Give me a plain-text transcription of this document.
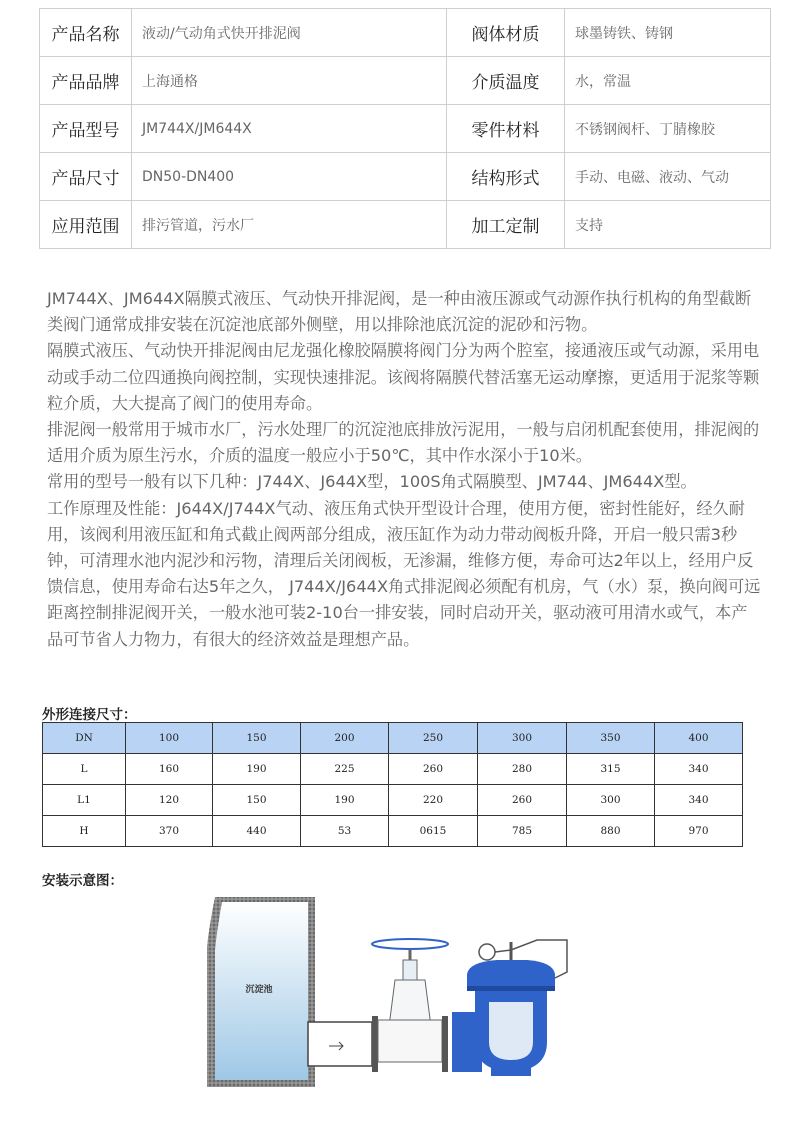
产品名称	液动/气动角式快开排泥阀	阀体材质	球墨铸铁、铸钢
产品品牌	上海通格	介质温度	水，常温
产品型号	JM744X/JM644X	零件材料	不锈钢阀杆、丁腈橡胶
产品尺寸	DN50-DN400	结构形式	手动、电磁、液动、气动
应用范围	排污管道，污水厂	加工定制	支持

JM744X、JM644X隔膜式液压、气动快开排泥阀，是一种由液压源或气动源作执行机构的角型截断类阀门通常成排安装在沉淀池底部外侧壁，用以排除池底沉淀的泥砂和污物。

隔膜式液压、气动快开排泥阀由尼龙强化橡胶隔膜将阀门分为两个腔室，接通液压或气动源，采用电动或手动二位四通换向阀控制，实现快速排泥。该阀将隔膜代替活塞无运动摩擦，更适用于泥浆等颗粒介质，大大提高了阀门的使用寿命。

排泥阀一般常用于城市水厂，污水处理厂的沉淀池底排放污泥用，一般与启闭机配套使用，排泥阀的适用介质为原生污水，介质的温度一般应小于50℃，其中作水深小于10米。

常用的型号一般有以下几种：J744X、J644X型，100S角式隔膜型、JM744、JM644X型。

工作原理及性能：J644X/J744X气动、液压角式快开型设计合理，使用方便，密封性能好，经久耐用，该阀利用液压缸和角式截止阀两部分组成，液压缸作为动力带动阀板升降，开启一般只需3秒钟，可清理水池内泥沙和污物，清理后关闭阀板，无渗漏，维修方便，寿命可达2年以上，经用户反馈信息，使用寿命右达5年之久， J744X/J644X角式排泥阀必须配有机房，气（水）泵，换向阀可远距离控制排泥阀开关，一般水池可装2-10台一排安装，同时启动开关，驱动液可用清水或气，本产品可节省人力物力，有很大的经济效益是理想产品。

外形连接尺寸：
DN	100	150	200	250	300	350	400
L	160	190	225	260	280	315	340
L1	120	150	190	220	260	300	340
H	370	440	53	0615	785	880	970
安装示意图：
沉淀池
